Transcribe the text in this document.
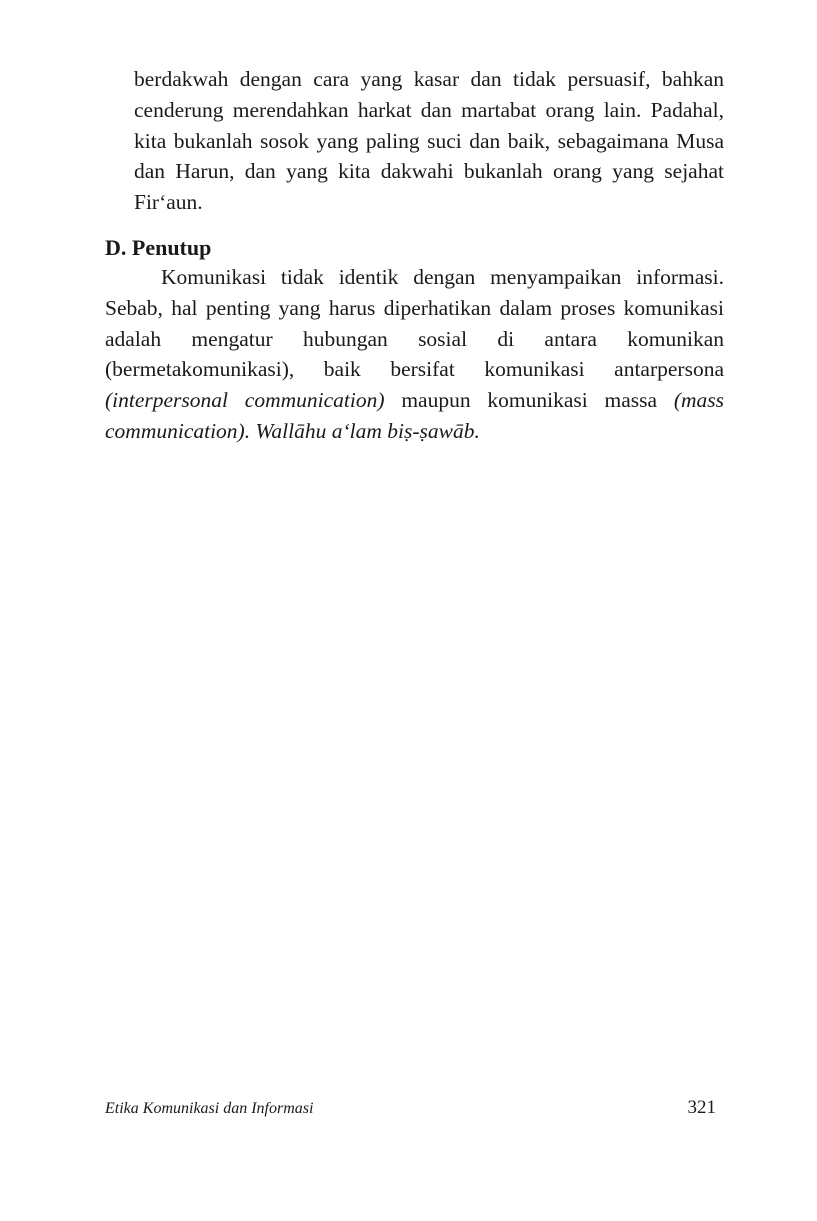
berdakwah dengan cara yang kasar dan tidak persuasif, bahkan cenderung merendahkan harkat dan martabat orang lain. Padahal, kita bukanlah sosok yang paling suci dan baik, sebagaimana Musa dan Harun, dan yang kita dakwahi bukanlah orang yang sejahat Fir‘aun.

D. Penutup

Komunikasi tidak identik dengan menyampaikan informasi. Sebab, hal penting yang harus diperhatikan dalam proses komunikasi adalah mengatur hubungan sosial di antara komunikan (bermetakomunikasi), baik bersifat komunikasi antarpersona (interpersonal communication) maupun komunikasi massa (mass communication). Wallāhu a‘lam biṣ-ṣawāb.

Etika Komunikasi dan Informasi	321
